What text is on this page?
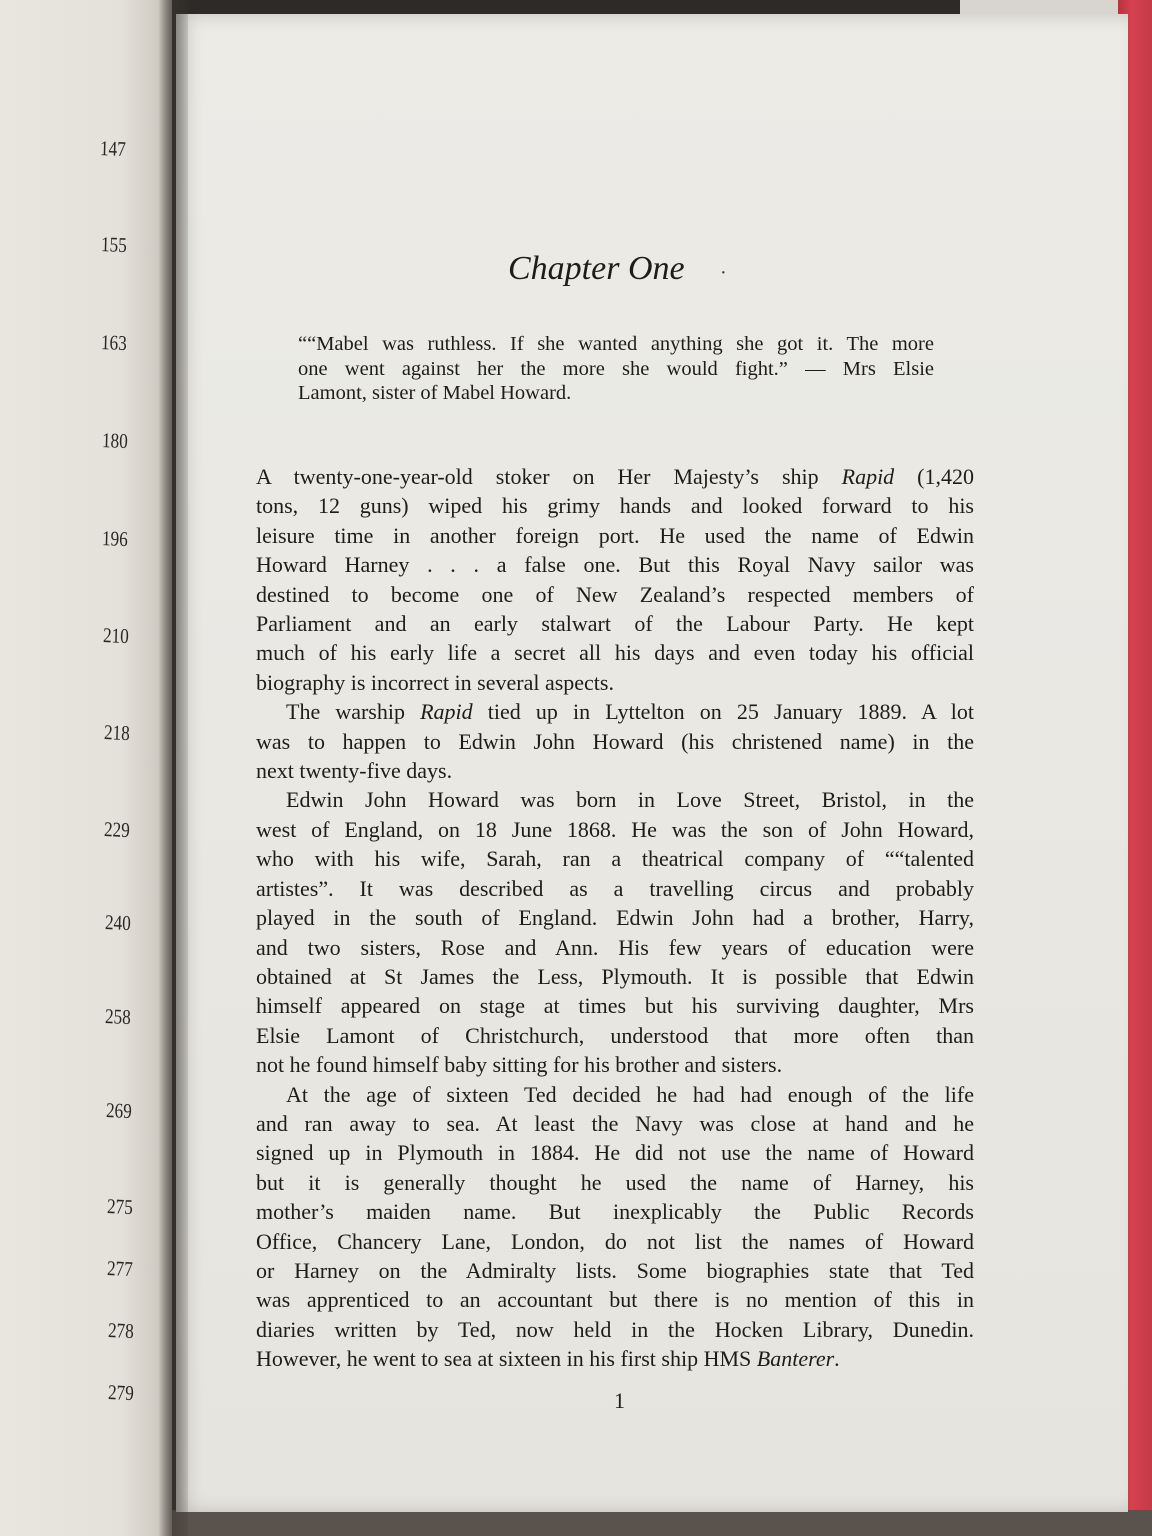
147
155
163
180
196
210
218
229
240
258
269
275
277
278
279
Chapter One ·
““Mabel was ruthless. If she wanted anything she got it. The more
one went against her the more she would fight.” — Mrs Elsie
Lamont, sister of Mabel Howard.
A twenty-one-year-old stoker on Her Majesty’s ship Rapid (1,420
tons, 12 guns) wiped his grimy hands and looked forward to his
leisure time in another foreign port. He used the name of Edwin
Howard Harney . . . a false one. But this Royal Navy sailor was
destined to become one of New Zealand’s respected members of
Parliament and an early stalwart of the Labour Party. He kept
much of his early life a secret all his days and even today his official
biography is incorrect in several aspects.
The warship Rapid tied up in Lyttelton on 25 January 1889. A lot
was to happen to Edwin John Howard (his christened name) in the
next twenty-five days.
Edwin John Howard was born in Love Street, Bristol, in the
west of England, on 18 June 1868. He was the son of John Howard,
who with his wife, Sarah, ran a theatrical company of ““talented
artistes”. It was described as a travelling circus and probably
played in the south of England. Edwin John had a brother, Harry,
and two sisters, Rose and Ann. His few years of education were
obtained at St James the Less, Plymouth. It is possible that Edwin
himself appeared on stage at times but his surviving daughter, Mrs
Elsie Lamont of Christchurch, understood that more often than
not he found himself baby sitting for his brother and sisters.
At the age of sixteen Ted decided he had had enough of the life
and ran away to sea. At least the Navy was close at hand and he
signed up in Plymouth in 1884. He did not use the name of Howard
but it is generally thought he used the name of Harney, his
mother’s maiden name. But inexplicably the Public Records
Office, Chancery Lane, London, do not list the names of Howard
or Harney on the Admiralty lists. Some biographies state that Ted
was apprenticed to an accountant but there is no mention of this in
diaries written by Ted, now held in the Hocken Library, Dunedin.
However, he went to sea at sixteen in his first ship HMS Banterer.
1
